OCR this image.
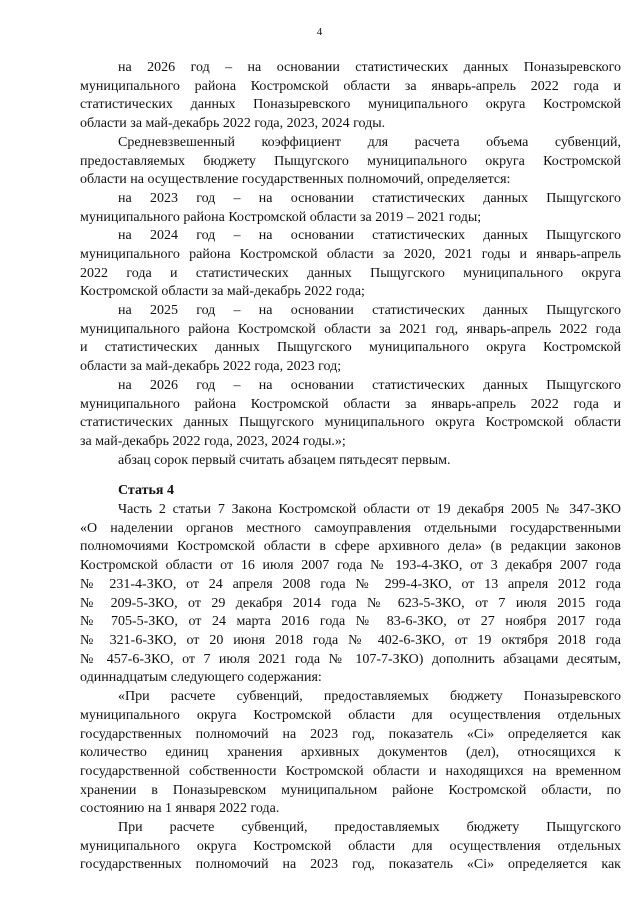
4
на 2026 год – на основании статистических данных Поназыревского
муниципального района Костромской области за январь-апрель 2022 года и
статистических данных Поназыревского муниципального округа Костромской
области за май-декабрь 2022 года, 2023, 2024 годы.
Средневзвешенный коэффициент для расчета объема субвенций,
предоставляемых бюджету Пыщугского муниципального округа Костромской
области на осуществление государственных полномочий, определяется:
на 2023 год – на основании статистических данных Пыщугского
муниципального района Костромской области за 2019 – 2021 годы;
на 2024 год – на основании статистических данных Пыщугского
муниципального района Костромской области за 2020, 2021 годы и январь-апрель
2022 года и статистических данных Пыщугского муниципального округа
Костромской области за май-декабрь 2022 года;
на 2025 год – на основании статистических данных Пыщугского
муниципального района Костромской области за 2021 год, январь-апрель 2022 года
и статистических данных Пыщугского муниципального округа Костромской
области за май-декабрь 2022 года, 2023 год;
на 2026 год – на основании статистических данных Пыщугского
муниципального района Костромской области за январь-апрель 2022 года и
статистических данных Пыщугского муниципального округа Костромской области
за май-декабрь 2022 года, 2023, 2024 годы.»;
абзац сорок первый считать абзацем пятьдесят первым.
Статья 4
Часть 2 статьи 7 Закона Костромской области от 19 декабря 2005 № 347-ЗКО
«О наделении органов местного самоуправления отдельными государственными
полномочиями Костромской области в сфере архивного дела» (в редакции законов
Костромской области от 16 июля 2007 года № 193-4-ЗКО, от 3 декабря 2007 года
№ 231-4-ЗКО, от 24 апреля 2008 года № 299-4-ЗКО, от 13 апреля 2012 года
№ 209-5-ЗКО, от 29 декабря 2014 года № 623-5-ЗКО, от 7 июля 2015 года
№ 705-5-ЗКО, от 24 марта 2016 года № 83-6-ЗКО, от 27 ноября 2017 года
№ 321-6-ЗКО, от 20 июня 2018 года № 402-6-ЗКО, от 19 октября 2018 года
№ 457-6-ЗКО, от 7 июля 2021 года № 107-7-ЗКО) дополнить абзацами десятым,
одиннадцатым следующего содержания:
«При расчете субвенций, предоставляемых бюджету Поназыревского
муниципального округа Костромской области для осуществления отдельных
государственных полномочий на 2023 год, показатель «Ci» определяется как
количество единиц хранения архивных документов (дел), относящихся к
государственной собственности Костромской области и находящихся на временном
хранении в Поназыревском муниципальном районе Костромской области, по
состоянию на 1 января 2022 года.
При расчете субвенций, предоставляемых бюджету Пыщугского
муниципального округа Костромской области для осуществления отдельных
государственных полномочий на 2023 год, показатель «Ci» определяется как
